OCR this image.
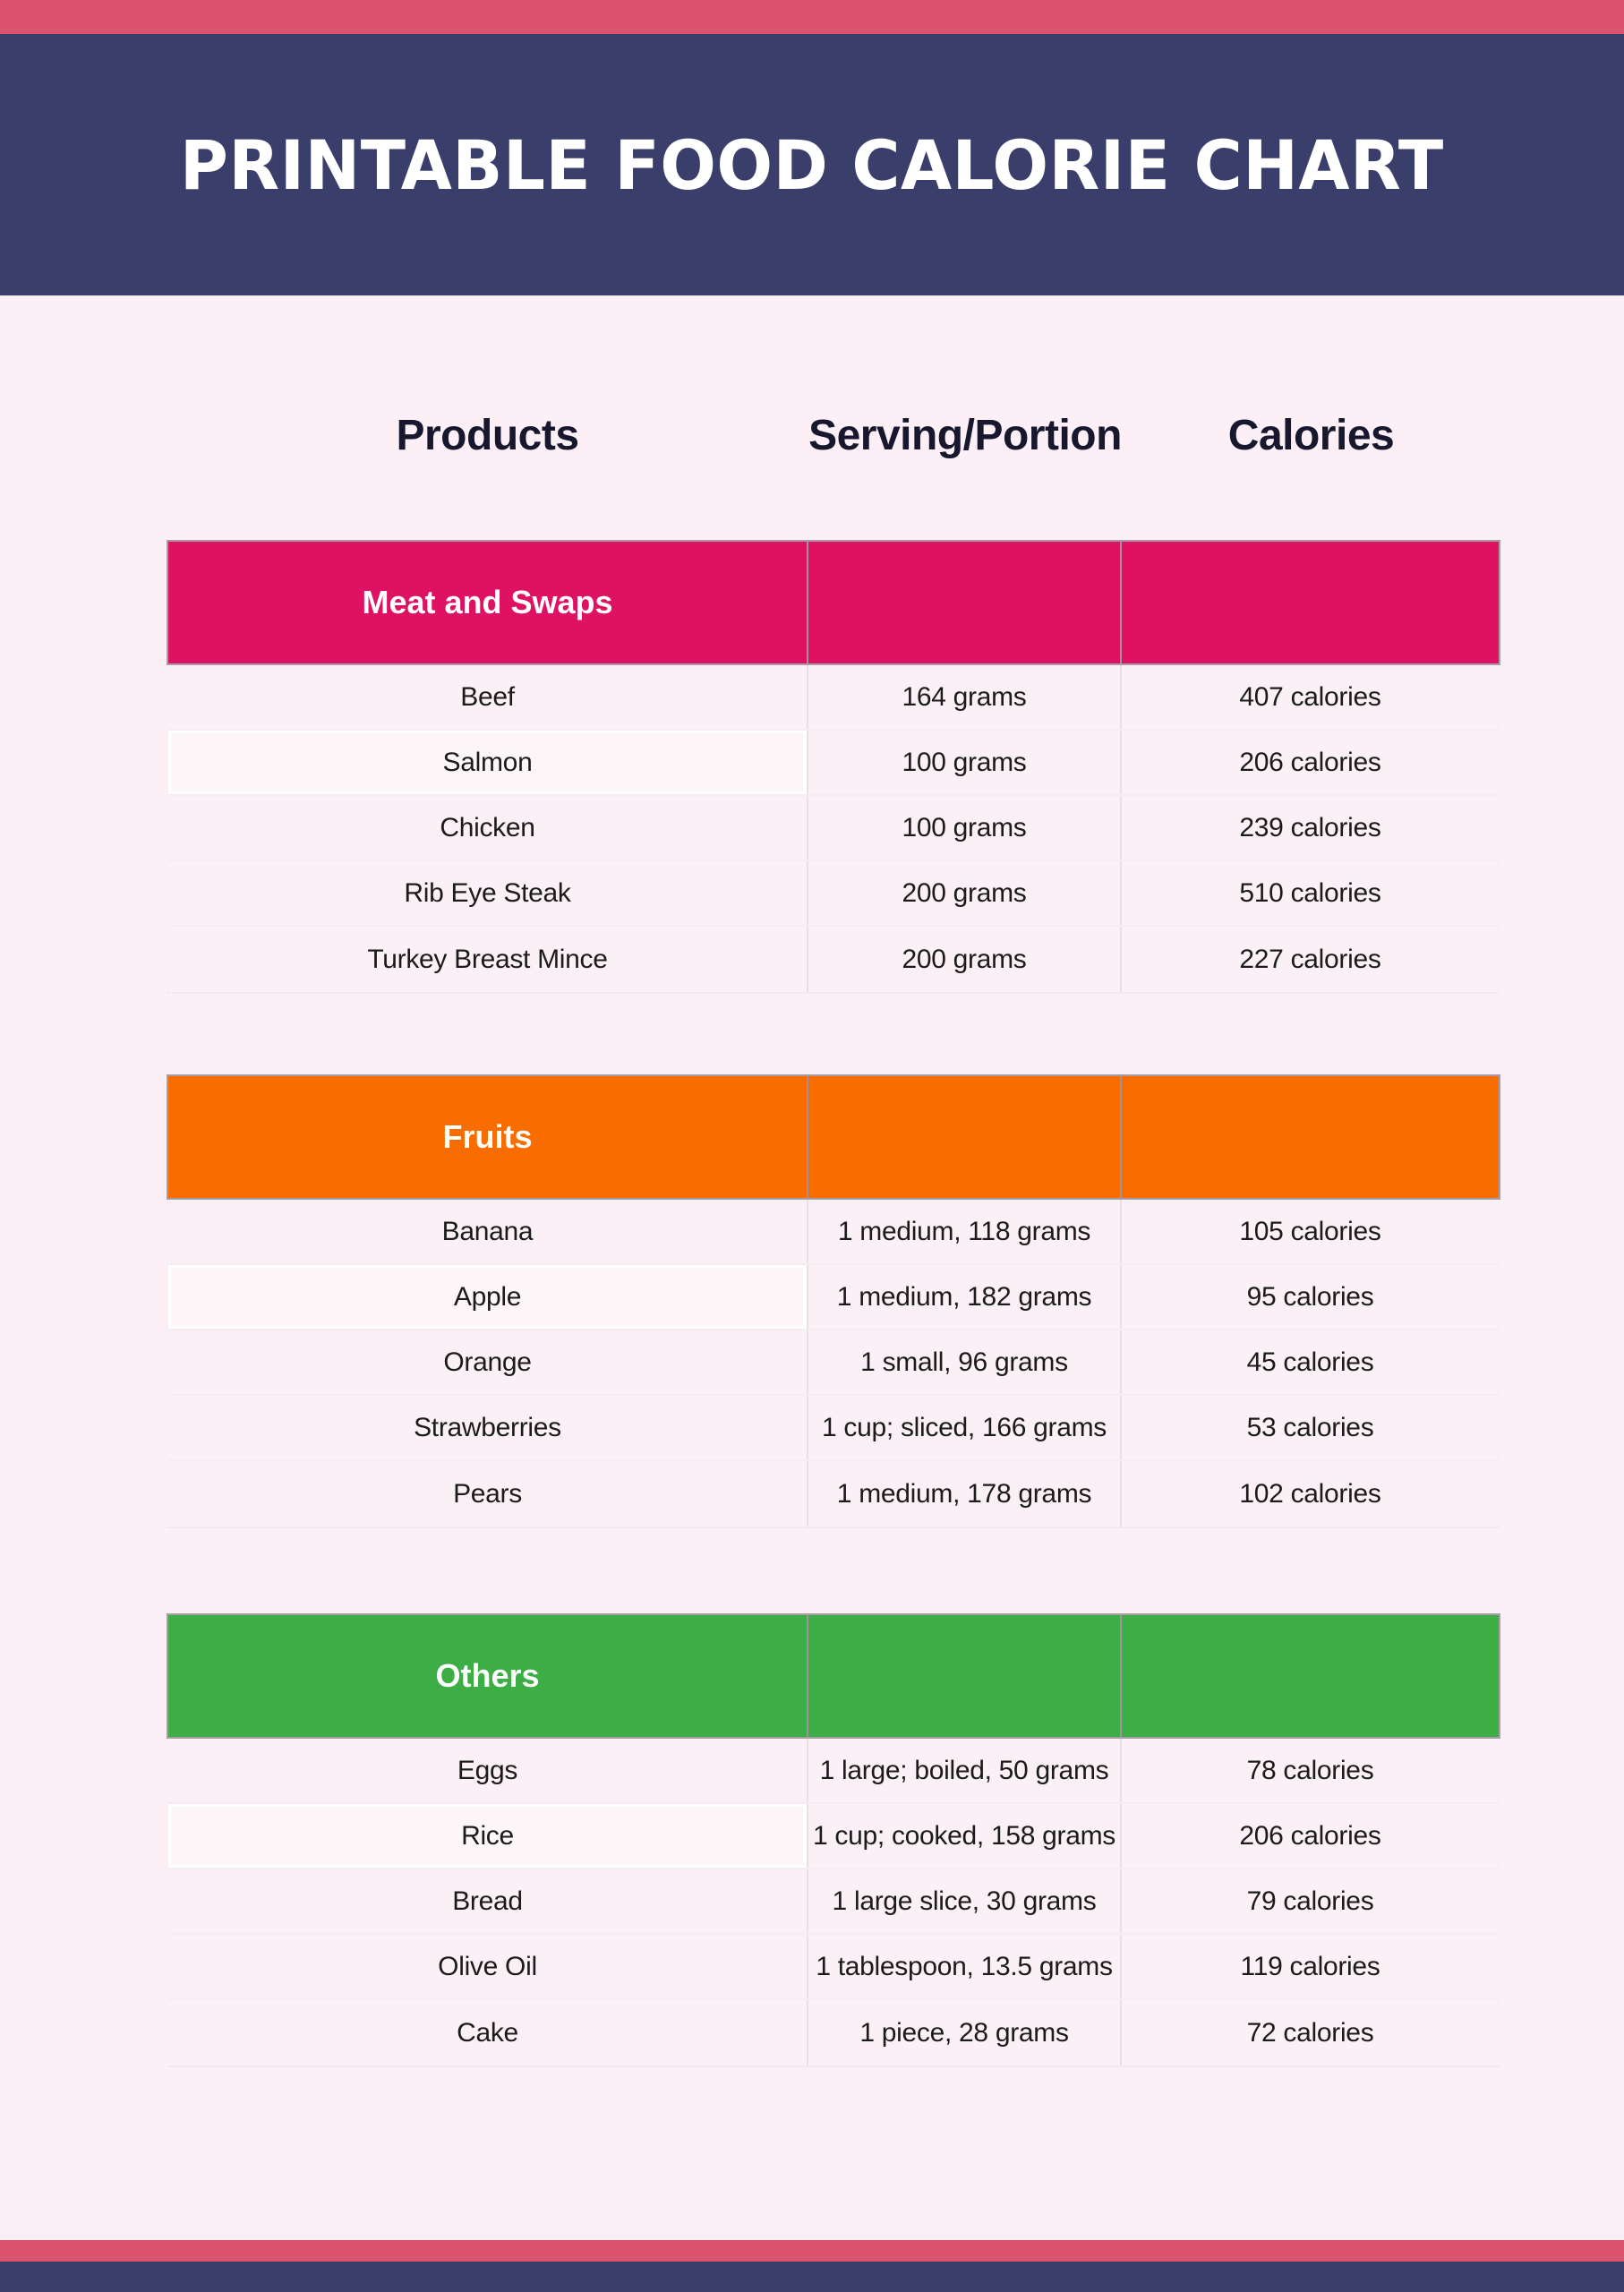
PRINTABLE FOOD CALORIE CHART
Products	Serving/Portion	Calories
Meat and Swaps
Beef	164 grams	407 calories
Salmon	100 grams	206 calories
Chicken	100 grams	239 calories
Rib Eye Steak	200 grams	510 calories
Turkey Breast Mince	200 grams	227 calories
Fruits
Banana	1 medium, 118 grams	105 calories
Apple	1 medium, 182 grams	95 calories
Orange	1 small, 96 grams	45 calories
Strawberries	1 cup; sliced, 166 grams	53 calories
Pears	1 medium, 178 grams	102 calories
Others
Eggs	1 large; boiled, 50 grams	78 calories
Rice	1 cup; cooked, 158 grams	206 calories
Bread	1 large slice, 30 grams	79 calories
Olive Oil	1 tablespoon, 13.5 grams	119 calories
Cake	1 piece, 28 grams	72 calories
